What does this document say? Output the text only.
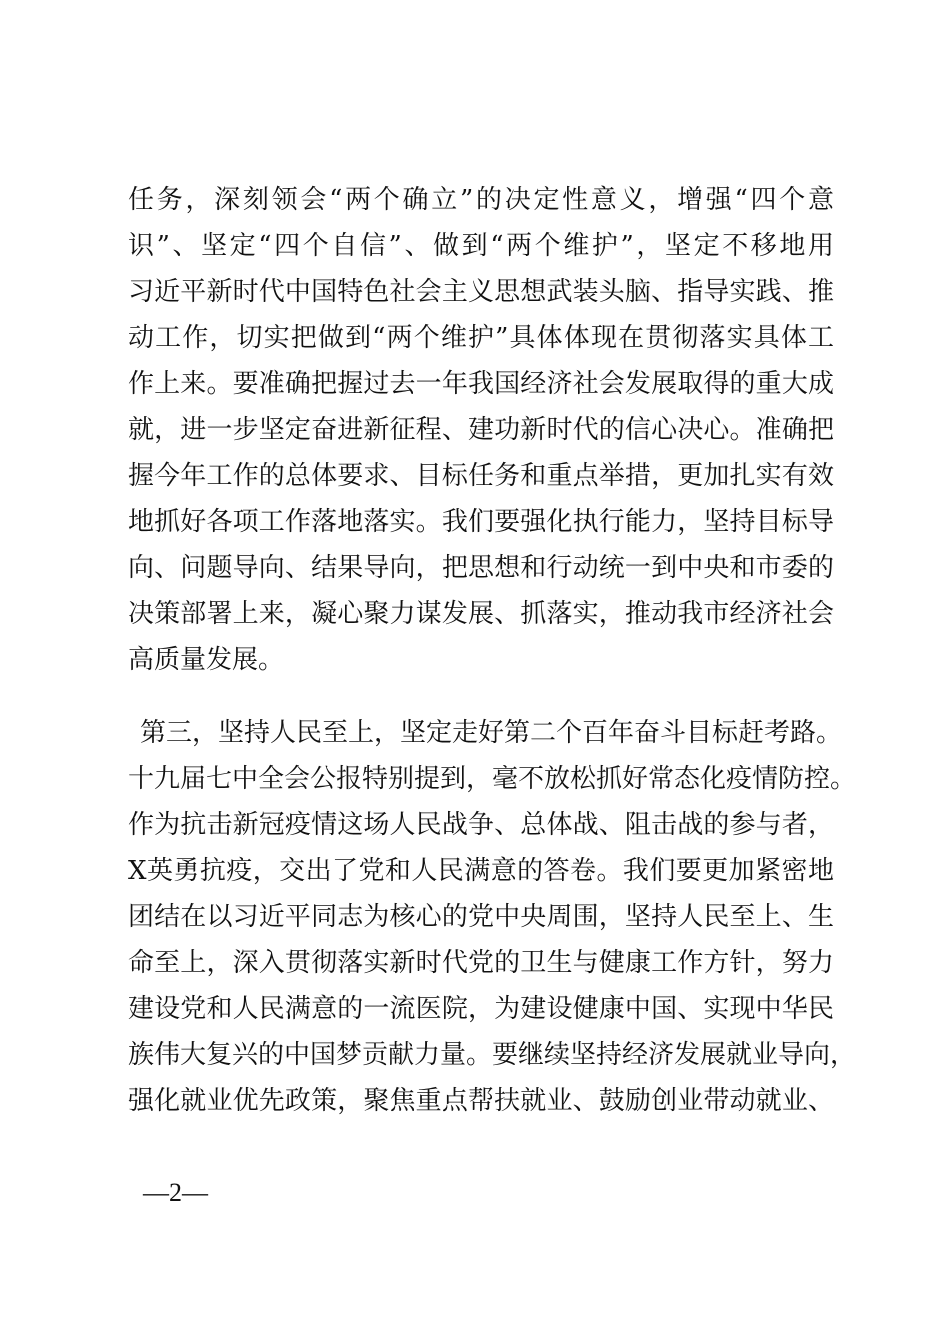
任务，深刻领会“两个确立”的决定性意义，增强“四个意
识”、坚定“四个自信”、做到“两个维护”，坚定不移地用
习近平新时代中国特色社会主义思想武装头脑、指导实践、推
动工作，切实把做到“两个维护”具体体现在贯彻落实具体工
作上来。要准确把握过去一年我国经济社会发展取得的重大成
就，进一步坚定奋进新征程、建功新时代的信心决心。准确把
握今年工作的总体要求、目标任务和重点举措，更加扎实有效
地抓好各项工作落地落实。我们要强化执行能力，坚持目标导
向、问题导向、结果导向，把思想和行动统一到中央和市委的
决策部署上来，凝心聚力谋发展、抓落实，推动我市经济社会
高质量发展。
第三，坚持人民至上，坚定走好第二个百年奋斗目标赶考路。
十九届七中全会公报特别提到，毫不放松抓好常态化疫情防控。
作为抗击新冠疫情这场人民战争、总体战、阻击战的参与者，
X英勇抗疫，交出了党和人民满意的答卷。我们要更加紧密地
团结在以习近平同志为核心的党中央周围，坚持人民至上、生
命至上，深入贯彻落实新时代党的卫生与健康工作方针，努力
建设党和人民满意的一流医院，为建设健康中国、实现中华民
族伟大复兴的中国梦贡献力量。要继续坚持经济发展就业导向，
强化就业优先政策，聚焦重点帮扶就业、鼓励创业带动就业、
—2—
